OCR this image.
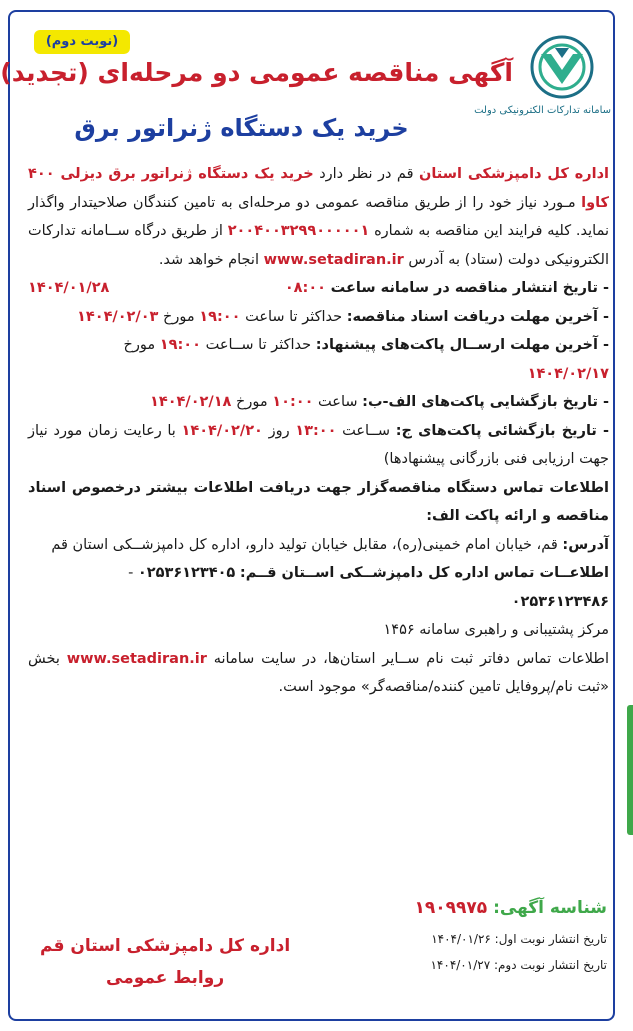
(نوبت دوم)
سامانه تدارکات الکترونیکی دولت
آگهی مناقصه عمومی دو مرحله‌ای (تجدید)
خرید یک دستگاه ژنراتور برق

اداره کل دامپزشکی استان قم در نظر دارد خرید یک دستگاه ژنراتور برق دیزلی ۴۰۰ کاوا مـورد نیاز خود را از طریق مناقصه عمومی دو مرحله‌ای به تامین کنندگان صلاحیتدار واگذار نماید. کلیه فرایند این مناقصه به شماره ۲۰۰۴۰۰۳۲۹۹۰۰۰۰۰۱ از طریق درگاه ســامانه تدارکات الکترونیکی دولت (ستاد) به آدرس www.setadiran.ir انجام خواهد شد.

- تاریخ انتشار مناقصه در سامانه ساعت ۰۸:۰۰
۱۴۰۴/۰۱/۲۸

- آخرین مهلت دریافت اسناد مناقصه: حداکثر تا ساعت ۱۹:۰۰ مورخ ۱۴۰۴/۰۲/۰۳

- آخرین مهلت ارســال پاکت‌های پیشنهاد: حداکثر تا ســاعت ۱۹:۰۰ مورخ
۱۴۰۴/۰۲/۱۷

- تاریخ بازگشایی پاکت‌های الف-ب: ساعت ۱۰:۰۰ مورخ ۱۴۰۴/۰۲/۱۸

- تاریخ بازگشائی پاکت‌های ج: ســاعت ۱۳:۰۰ روز ۱۴۰۴/۰۲/۲۰ با رعایت زمان مورد نیاز جهت ارزیابی فنی بازرگانی پیشنهادها)

اطلاعات تماس دستگاه مناقصه‌گزار جهت دریافت اطلاعات بیشتر درخصوص اسناد مناقصه و ارائه پاکت الف:

آدرس: قم، خیابان امام خمینی(ره)، مقابل خیابان تولید دارو، اداره کل دامپزشــکی استان قم

اطلاعــات تماس اداره کل دامپزشــکی اســتان قــم: ۰۲۵۳۶۱۲۳۴۰۵ -
۰۲۵۳۶۱۲۳۴۸۶

مرکز پشتیبانی و راهبری سامانه ۱۴۵۶

اطلاعات تماس دفاتر ثبت نام ســایر استان‌ها، در سایت سامانه www.setadiran.ir بخش «ثبت نام/پروفایل تامین کننده/مناقصه‌گر» موجود است.

شناسه آگهی: ۱۹۰۹۹۷۵
تاریخ انتشار نوبت اول: ۱۴۰۴/۰۱/۲۶
تاریخ انتشار نوبت دوم: ۱۴۰۴/۰۱/۲۷
اداره کل دامپزشکی استان قم
روابط عمومی
